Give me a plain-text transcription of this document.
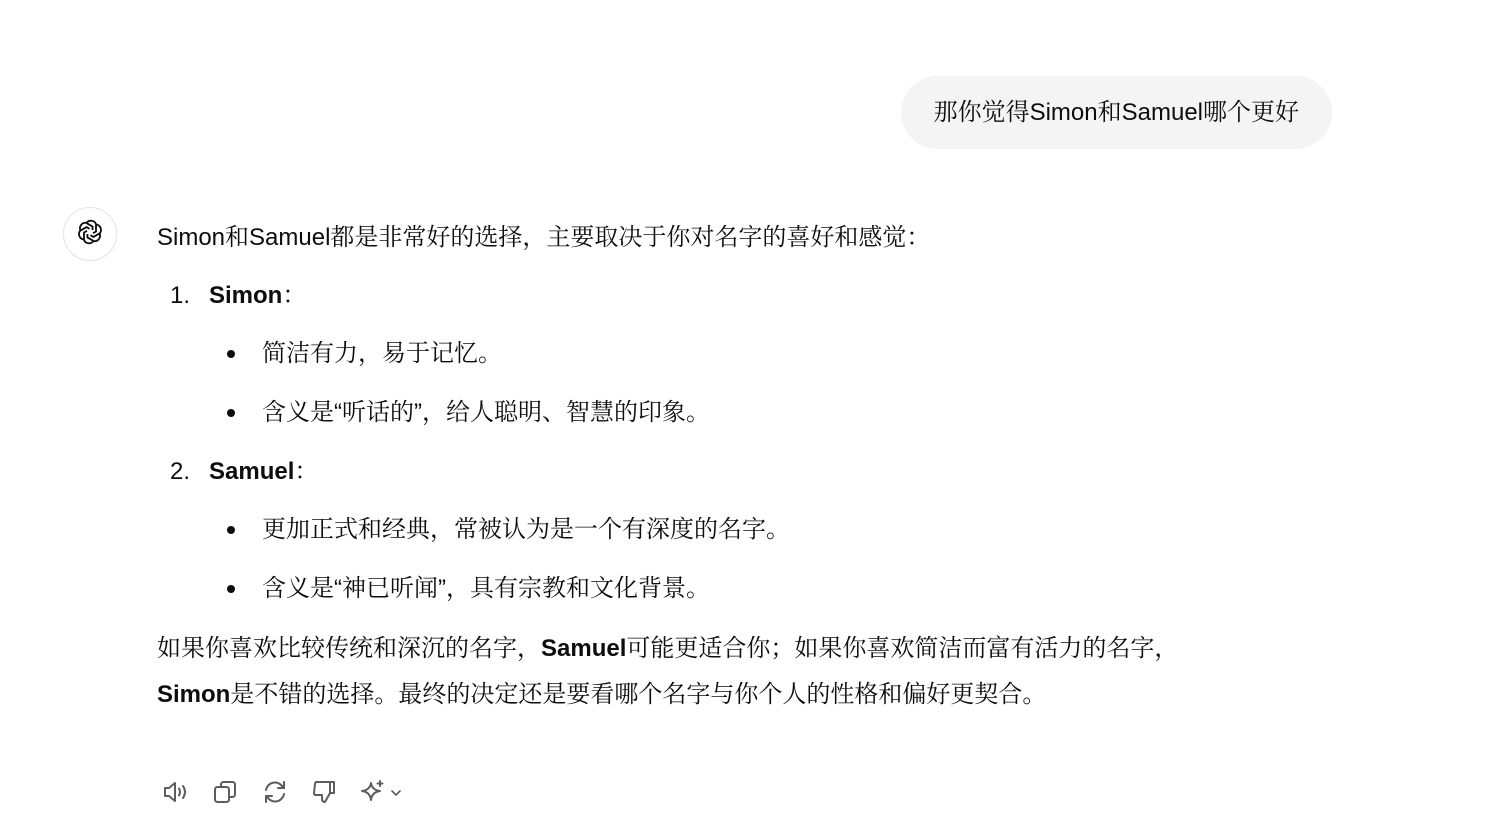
那你觉得Simon和Samuel哪个更好

Simon和Samuel都是非常好的选择，主要取决于你对名字的喜好和感觉：

1. Simon：
简洁有力，易于记忆。
含义是“听话的”，给人聪明、智慧的印象。
2. Samuel：
更加正式和经典，常被认为是一个有深度的名字。
含义是“神已听闻”，具有宗教和文化背景。

如果你喜欢比较传统和深沉的名字，Samuel可能更适合你；如果你喜欢简洁而富有活力的名字，
Simon是不错的选择。最终的决定还是要看哪个名字与你个人的性格和偏好更契合。
